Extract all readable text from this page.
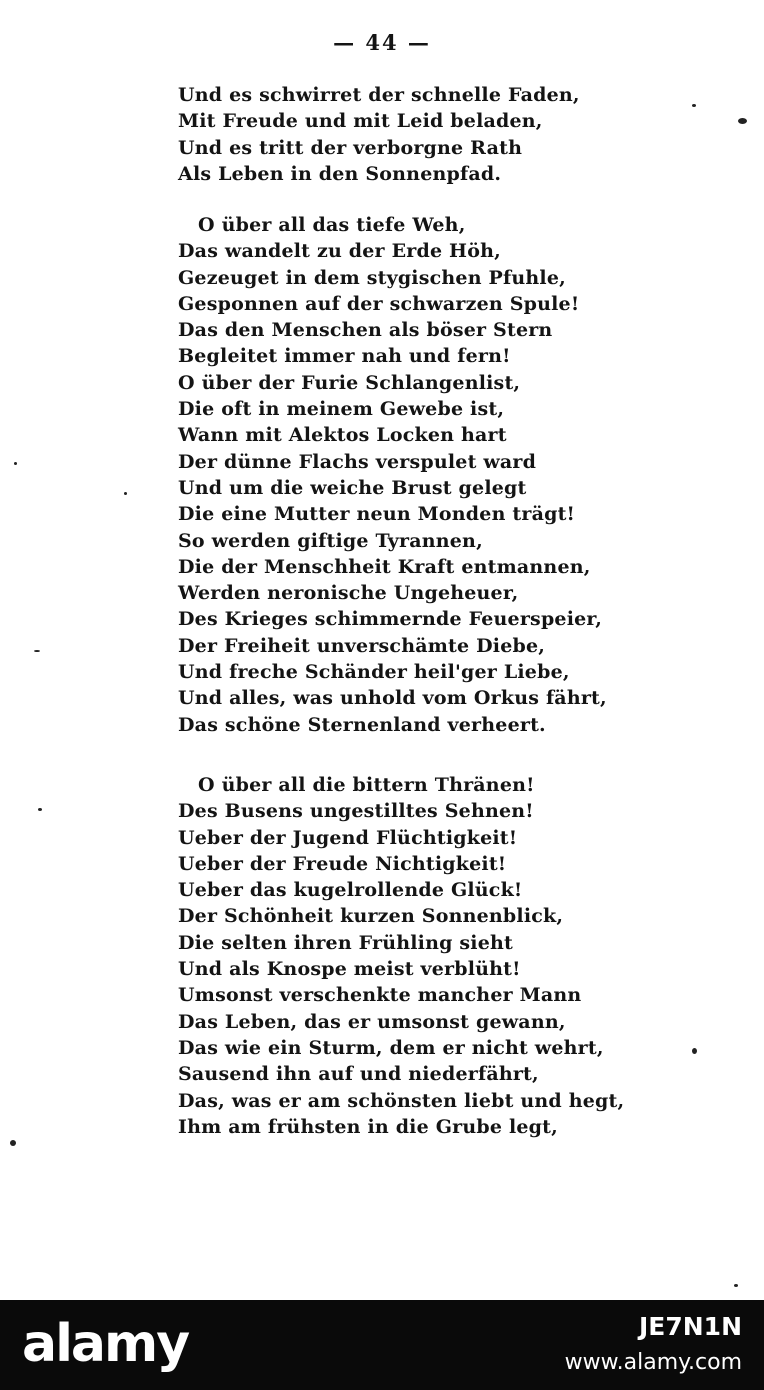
— 44 —
Und es schwirret der schnelle Faden,
Mit Freude und mit Leid beladen,
Und es tritt der verborgne Rath
Als Leben in den Sonnenpfad.
O über all das tiefe Weh,
Das wandelt zu der Erde Höh,
Gezeuget in dem stygischen Pfuhle,
Gesponnen auf der schwarzen Spule!
Das den Menschen als böser Stern
Begleitet immer nah und fern!
O über der Furie Schlangenlist,
Die oft in meinem Gewebe ist,
Wann mit Alektos Locken hart
Der dünne Flachs verspulet ward
Und um die weiche Brust gelegt
Die eine Mutter neun Monden trägt!
So werden giftige Tyrannen,
Die der Menschheit Kraft entmannen,
Werden neronische Ungeheuer,
Des Krieges schimmernde Feuerspeier,
Der Freiheit unverschämte Diebe,
Und freche Schänder heil'ger Liebe,
Und alles, was unhold vom Orkus fährt,
Das schöne Sternenland verheert.
O über all die bittern Thränen!
Des Busens ungestilltes Sehnen!
Ueber der Jugend Flüchtigkeit!
Ueber der Freude Nichtigkeit!
Ueber das kugelrollende Glück!
Der Schönheit kurzen Sonnenblick,
Die selten ihren Frühling sieht
Und als Knospe meist verblüht!
Umsonst verschenkte mancher Mann
Das Leben, das er umsonst gewann,
Das wie ein Sturm, dem er nicht wehrt,
Sausend ihn auf und niederfährt,
Das, was er am schönsten liebt und hegt,
Ihm am frühsten in die Grube legt,
alamy	JE7N1N
www.alamy.com
